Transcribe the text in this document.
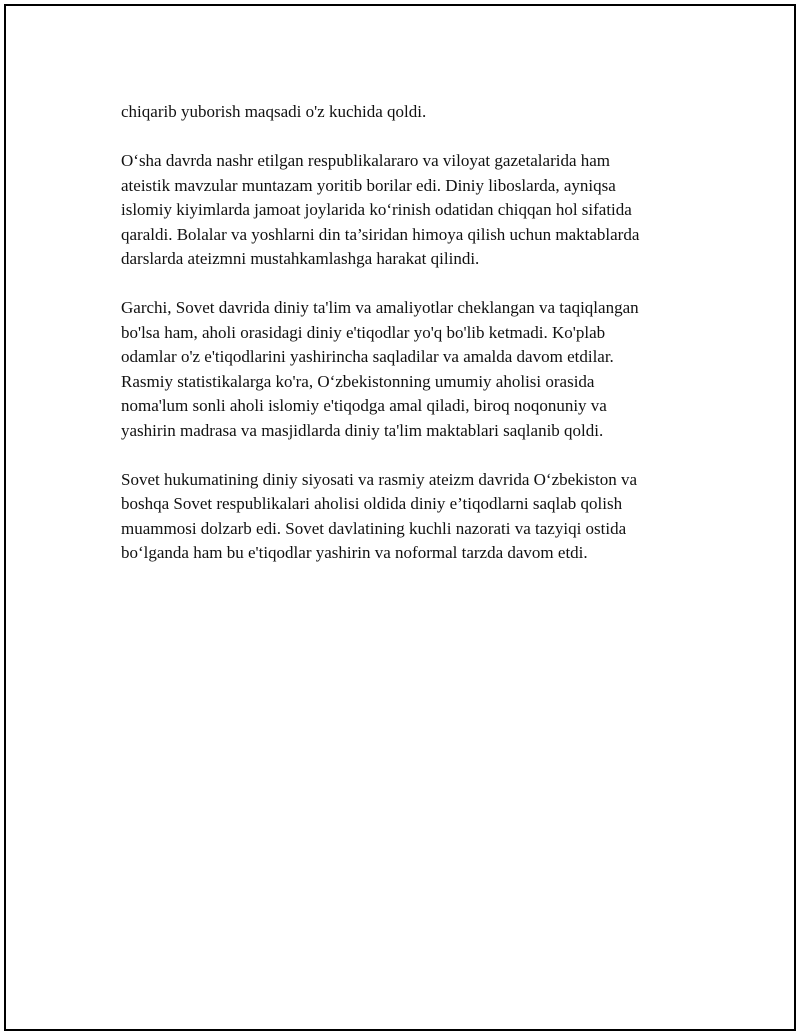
chiqarib yuborish maqsadi o'z kuchida qoldi.
O‘sha davrda nashr etilgan respublikalararo va viloyat gazetalarida ham
ateistik mavzular muntazam yoritib borilar edi. Diniy liboslarda, ayniqsa
islomiy kiyimlarda jamoat joylarida ko‘rinish odatidan chiqqan hol sifatida
qaraldi. Bolalar va yoshlarni din ta’siridan himoya qilish uchun maktablarda
darslarda ateizmni mustahkamlashga harakat qilindi.
Garchi, Sovet davrida diniy ta'lim va amaliyotlar cheklangan va taqiqlangan
bo'lsa ham, aholi orasidagi diniy e'tiqodlar yo'q bo'lib ketmadi. Ko'plab
odamlar o'z e'tiqodlarini yashirincha saqladilar va amalda davom etdilar.
Rasmiy statistikalarga ko'ra, O‘zbekistonning umumiy aholisi orasida
noma'lum sonli aholi islomiy e'tiqodga amal qiladi, biroq noqonuniy va
yashirin madrasa va masjidlarda diniy ta'lim maktablari saqlanib qoldi.
Sovet hukumatining diniy siyosati va rasmiy ateizm davrida O‘zbekiston va
boshqa Sovet respublikalari aholisi oldida diniy e’tiqodlarni saqlab qolish
muammosi dolzarb edi. Sovet davlatining kuchli nazorati va tazyiqi ostida
bo‘lganda ham bu e'tiqodlar yashirin va noformal tarzda davom etdi.
